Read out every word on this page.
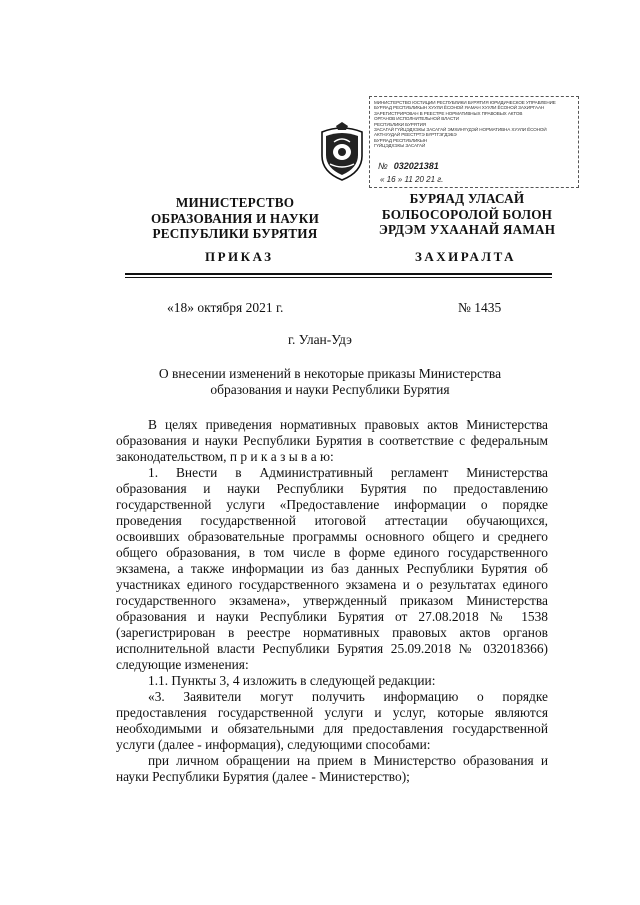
МИНИСТЕРСТВО ЮСТИЦИИ РЕСПУБЛИКИ БУРЯТИЯ ЮРИДИЧЕСКОЕ УПРАВЛЕНИЕ
БУРЯАД РЕСПУБЛИКЫН ХУУЛИ ЁСОНОЙ ЯАМАН ХУУЛИ ЁСОНОЙ ЗАХИРГААН
ЗАРЕГИСТРИРОВАН В РЕЕСТРЕ НОРМАТИВНЫХ ПРАВОВЫХ АКТОВ
ОРГАНОВ ИСПОЛНИТЕЛЬНОЙ ВЛАСТИ
РЕСПУБЛИКИ БУРЯТИЯ
ЗАСАГАЙ ГҮЙЦЭДХЭХЫ ЗАСАГАЙ ЭМХИНҮҮДЭЙ НОРМАТИВНА ХУУЛИ ЁСОНОЙ
АКТНУУДАЙ РЕЕСТРТЭ БҮРТГЭГДЭБЭ
БУРЯАД РЕСПУБЛИКЫН
ГҮЙЦЭДХЭХЫ ЗАСАГАЙ
№ 032021381
« 16 » 11 20 21 г.
МИНИСТЕРСТВО
ОБРАЗОВАНИЯ И НАУКИ
РЕСПУБЛИКИ БУРЯТИЯ
БУРЯАД УЛАСАЙ
БОЛБОСОРОЛОЙ БОЛОН
ЭРДЭМ УХААНАЙ ЯАМАН
ПРИКАЗ	ЗАХИРАЛТА
«18» октября 2021 г.	№ 1435
г. Улан-Удэ
О внесении изменений в некоторые приказы Министерства
образования и науки Республики Бурятия

В целях приведения нормативных правовых актов Министерства образования и науки Республики Бурятия в соответствие с федеральным законодательством, п р и к а з ы в а ю:

1. Внести в Административный регламент Министерства образования и науки Республики Бурятия по предоставлению государственной услуги «Предоставление информации о порядке проведения государственной итоговой аттестации обучающихся, освоивших образовательные программы основного общего и среднего общего образования, в том числе в форме единого государственного экзамена, а также информации из баз данных Республики Бурятия об участниках единого государственного экзамена и о результатах единого государственного экзамена», утвержденный приказом Министерства образования и науки Республики Бурятия от 27.08.2018 № 1538 (зарегистрирован в реестре нормативных правовых актов органов исполнительной власти Республики Бурятия 25.09.2018 № 032018366) следующие изменения:

1.1. Пункты 3, 4 изложить в следующей редакции:

«3. Заявители могут получить информацию о порядке предоставления государственной услуги и услуг, которые являются необходимыми и обязательными для предоставления государственной услуги (далее - информация), следующими способами:

при личном обращении на прием в Министерство образования и науки Республики Бурятия (далее - Министерство);
